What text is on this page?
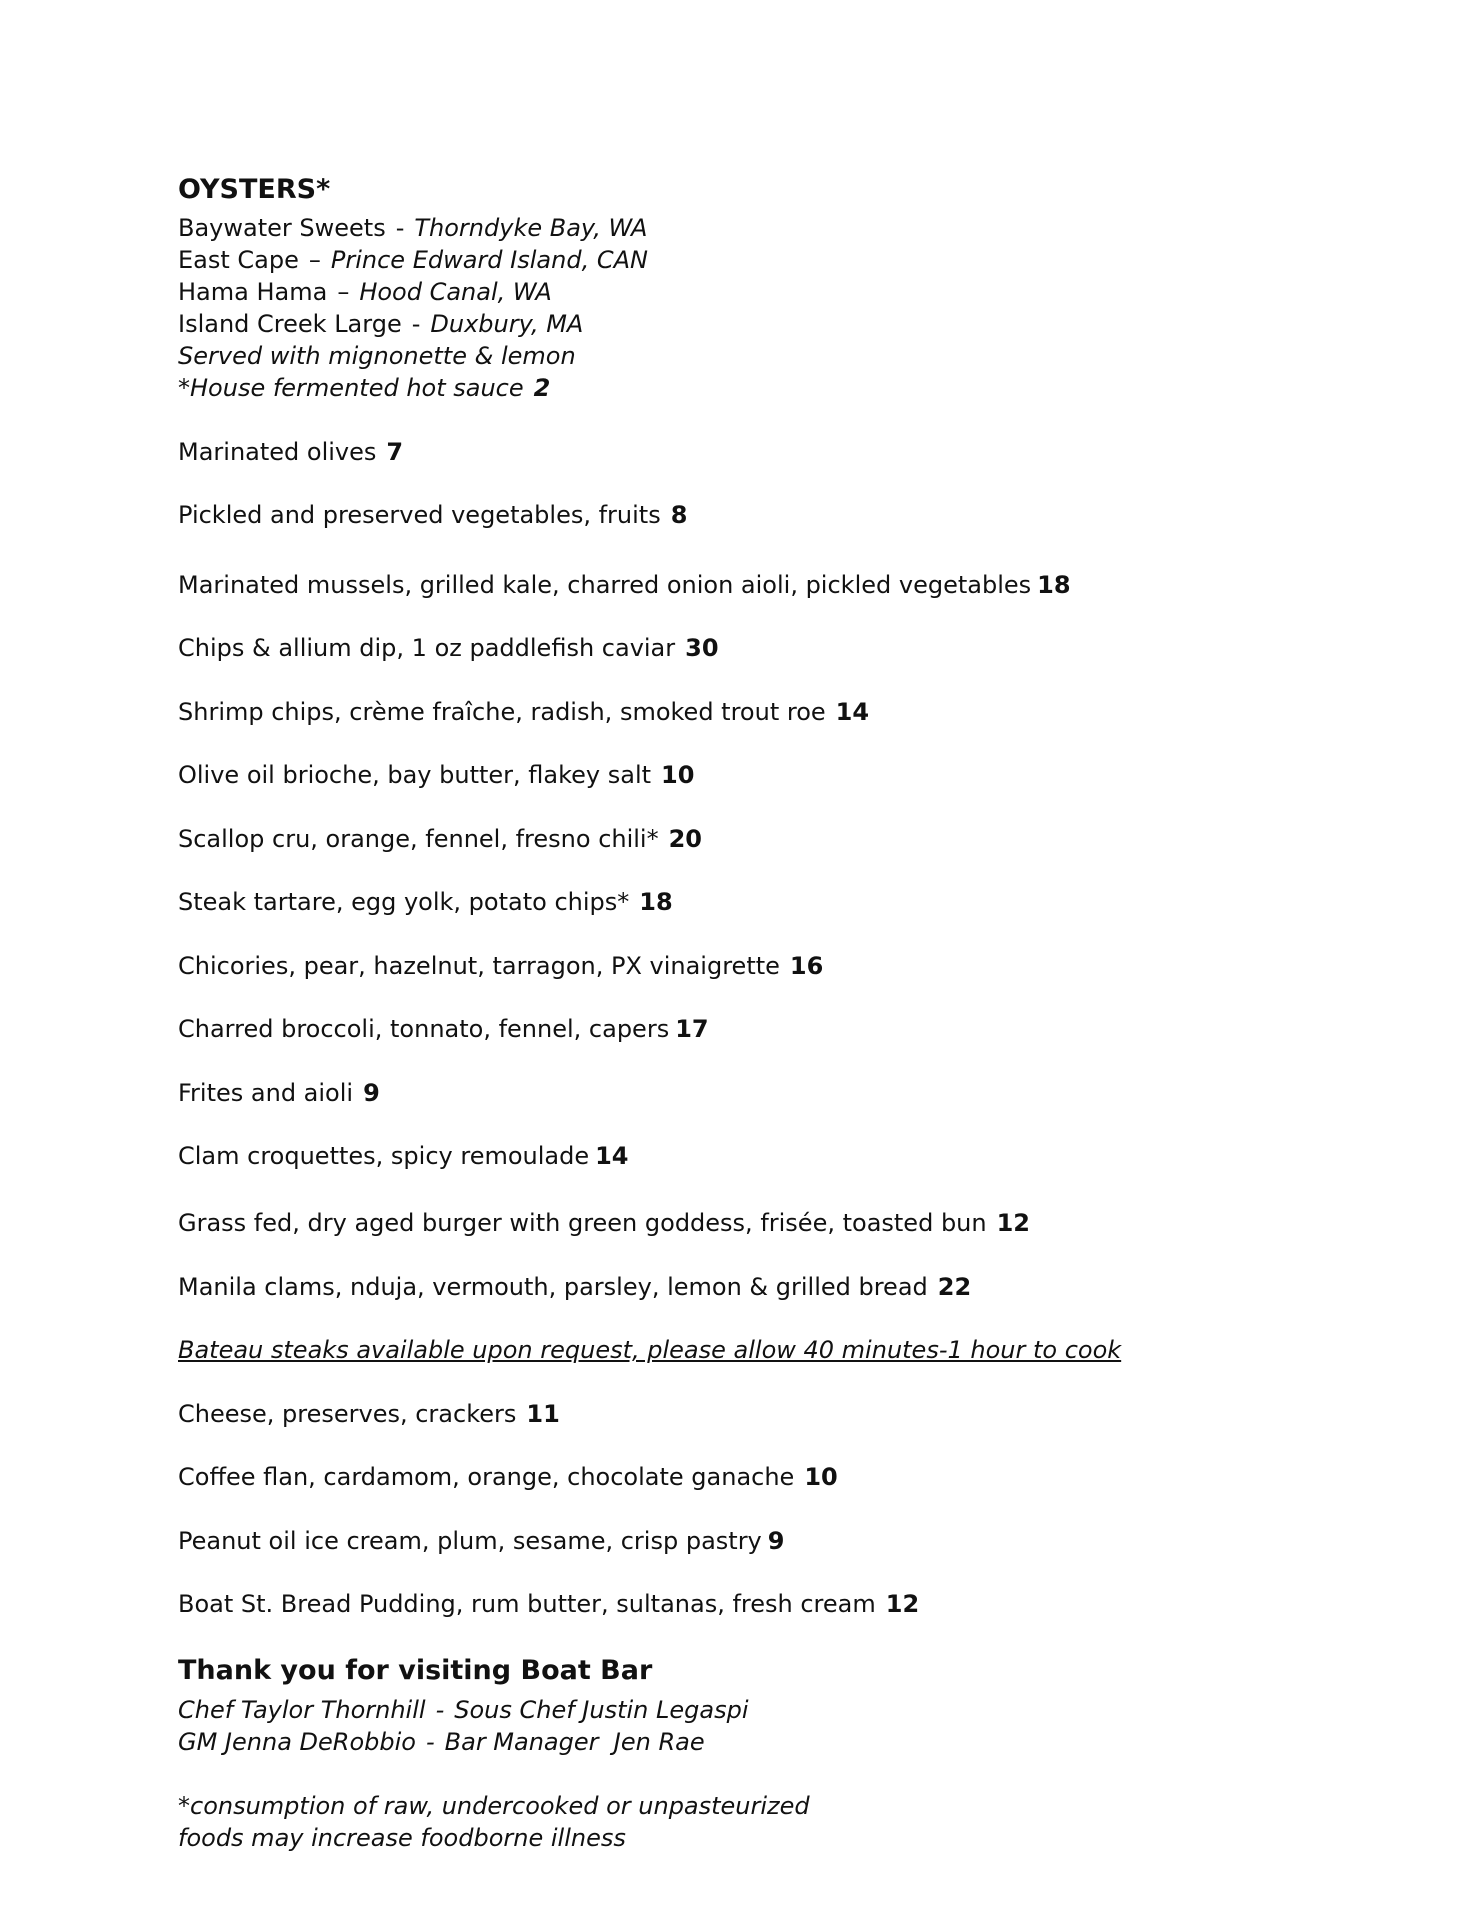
OYSTERS*
Baywater Sweets - Thorndyke Bay, WA
East Cape – Prince Edward Island, CAN
Hama Hama – Hood Canal, WA
Island Creek Large - Duxbury, MA
Served with mignonette & lemon
*House fermented hot sauce 2
Marinated olives 7
Pickled and preserved vegetables, fruits 8
Marinated mussels, grilled kale, charred onion aioli, pickled vegetables 18
Chips & allium dip, 1 oz paddlefish caviar 30
Shrimp chips, crème fraîche, radish, smoked trout roe 14
Olive oil brioche, bay butter, flakey salt 10
Scallop cru, orange, fennel, fresno chili* 20
Steak tartare, egg yolk, potato chips* 18
Chicories, pear, hazelnut, tarragon, PX vinaigrette 16
Charred broccoli, tonnato, fennel, capers 17
Frites and aioli 9
Clam croquettes, spicy remoulade 14
Grass fed, dry aged burger with green goddess, frisée, toasted bun 12
Manila clams, nduja, vermouth, parsley, lemon & grilled bread 22
Bateau steaks available upon request, please allow 40 minutes-1 hour to cook
Cheese, preserves, crackers 11
Coffee flan, cardamom, orange, chocolate ganache 10
Peanut oil ice cream, plum, sesame, crisp pastry 9
Boat St. Bread Pudding, rum butter, sultanas, fresh cream 12
Thank you for visiting Boat Bar
Chef Taylor Thornhill - Sous Chef Justin Legaspi
GM Jenna DeRobbio - Bar Manager  Jen Rae
*consumption of raw, undercooked or unpasteurized
foods may increase foodborne illness
